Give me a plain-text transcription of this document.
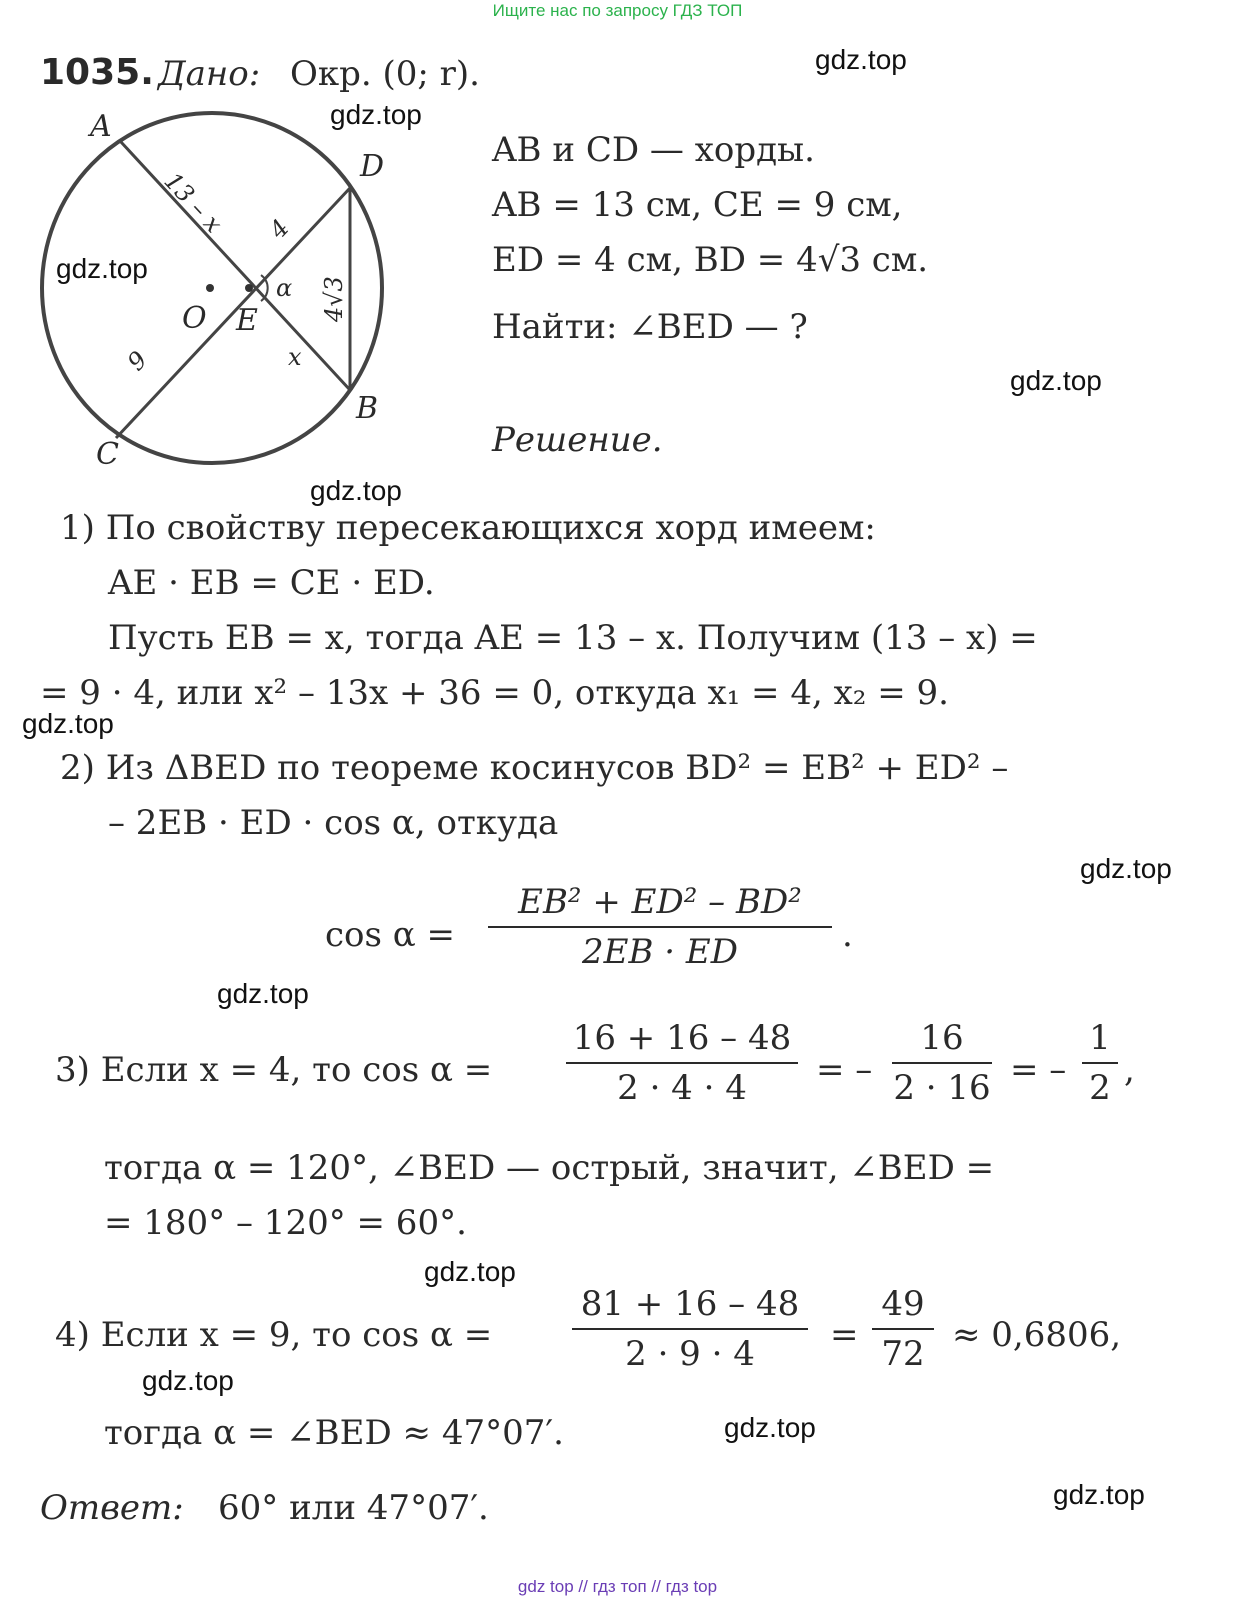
Ищите нас по запросу ГДЗ ТОП
gdz top // гдз топ // гдз top
gdz.top
gdz.top
gdz.top
gdz.top
gdz.top
gdz.top
gdz.top
gdz.top
gdz.top
gdz.top
gdz.top
gdz.top
1035. Дано: Окр. (0; r).
A
D
B
C
O E
α
13 – x 4
9	x
4√3
AB и CD — хорды.
AB = 13 см, CE = 9 см,
ED = 4 см, BD = 4√3 см.
Найти: ∠BED — ?
Решение.
1) По свойству пересекающихся хорд имеем:
AE · EB = CE · ED.
Пусть EB = x, тогда AE = 13 – x. Получим (13 – x) =
= 9 · 4, или x² – 13x + 36 = 0, откуда x₁ = 4, x₂ = 9.
2) Из ΔBED по теореме косинусов BD² = EB² + ED² –
– 2EB · ED · cos α, откуда
cos α =
EB² + ED² – BD²
2EB · ED	.
3) Если x = 4, то cos α =
16 + 16 – 48
2 · 4 · 4	= –
16
2 · 16 = –
1
2 ,
тогда α = 120°, ∠BED — острый, значит, ∠BED =
= 180° – 120° = 60°.
4) Если x = 9, то cos α =
81 + 16 – 48
2 · 9 · 4	=
49
72 ≈ 0,6806,
тогда α = ∠BED ≈ 47°07′.
Ответ: 60° или 47°07′.
